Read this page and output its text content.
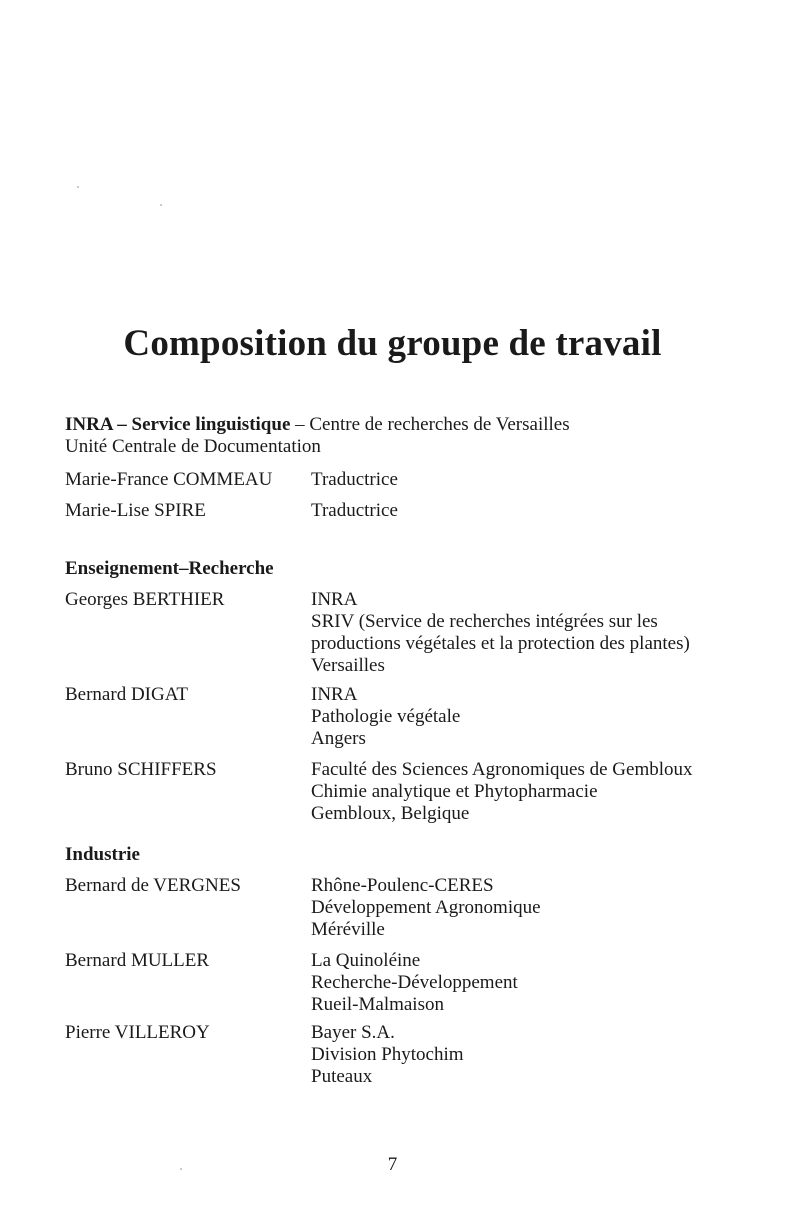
Composition du groupe de travail
INRA – Service linguistique – Centre de recherches de Versailles
Unité Centrale de Documentation
Marie-France COMMEAU Traductrice
Marie-Lise SPIRE	Traductrice
Enseignement–Recherche
Georges BERTHIER	INRA
SRIV (Service de recherches intégrées sur les
productions végétales et la protection des plantes)
Versailles
Bernard DIGAT	INRA
Pathologie végétale
Angers
Bruno SCHIFFERS	Faculté des Sciences Agronomiques de Gembloux
Chimie analytique et Phytopharmacie
Gembloux, Belgique
Industrie
Bernard de VERGNES	Rhône-Poulenc-CERES
Développement Agronomique
Méréville
Bernard MULLER	La Quinoléine
Recherche-Développement
Rueil-Malmaison
Pierre VILLEROY	Bayer S.A.
Division Phytochim
Puteaux
7
